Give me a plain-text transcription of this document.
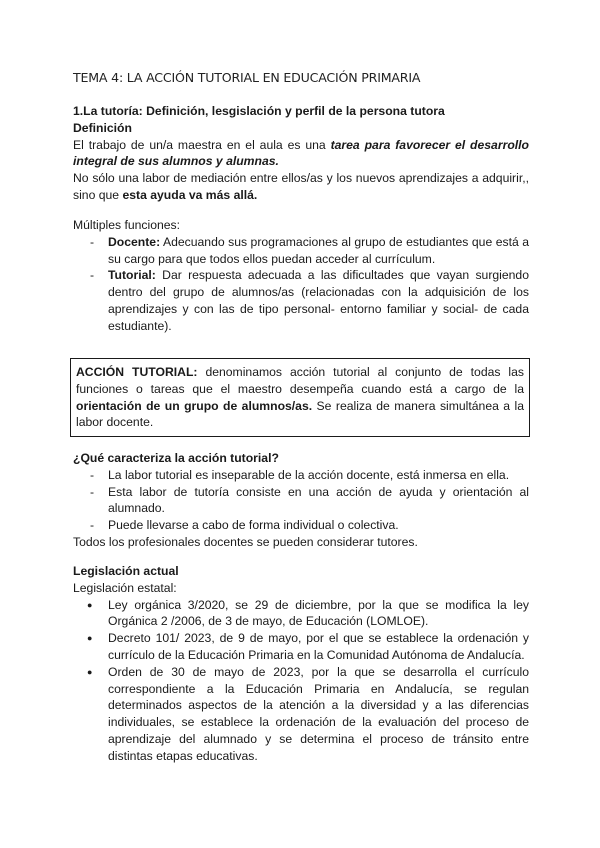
TEMA 4: LA ACCIÓN TUTORIAL EN EDUCACIÓN PRIMARIA
1.La tutoría: Definición, lesgislación y perfil de la persona tutora
Definición
El trabajo de un/a maestra en el aula es una tarea para favorecer el desarrollo integral de sus alumnos y alumnas.
No sólo una labor de mediación entre ellos/as y los nuevos aprendizajes a adquirir,, sino que esta ayuda va más allá.
Múltiples funciones:
- Docente: Adecuando sus programaciones al grupo de estudiantes que está a su cargo para que todos ellos puedan acceder al currículum.
- Tutorial: Dar respuesta adecuada a las dificultades que vayan surgiendo dentro del grupo de alumnos/as (relacionadas con la adquisición de los aprendizajes y con las de tipo personal- entorno familiar y social- de cada estudiante).
ACCIÓN TUTORIAL: denominamos acción tutorial al conjunto de todas las funciones o tareas que el maestro desempeña cuando está a cargo de la orientación de un grupo de alumnos/as. Se realiza de manera simultánea a la labor docente.
¿Qué caracteriza la acción tutorial?
- La labor tutorial es inseparable de la acción docente, está inmersa en ella.
- Esta labor de tutoría consiste en una acción de ayuda y orientación al alumnado.
- Puede llevarse a cabo de forma individual o colectiva.
Todos los profesionales docentes se pueden considerar tutores.
Legislación actual
Legislación estatal:
● Ley orgánica 3/2020, se 29 de diciembre, por la que se modifica la ley Orgánica 2 /2006, de 3 de mayo, de Educación (LOMLOE).
● Decreto 101/ 2023, de 9 de mayo, por el que se establece la ordenación y currículo de la Educación Primaria en la Comunidad Autónoma de Andalucía.
● Orden de 30 de mayo de 2023, por la que se desarrolla el currículo correspondiente a la Educación Primaria en Andalucía, se regulan determinados aspectos de la atención a la diversidad y a las diferencias individuales, se establece la ordenación de la evaluación del proceso de aprendizaje del alumnado y se determina el proceso de tránsito entre distintas etapas educativas.
